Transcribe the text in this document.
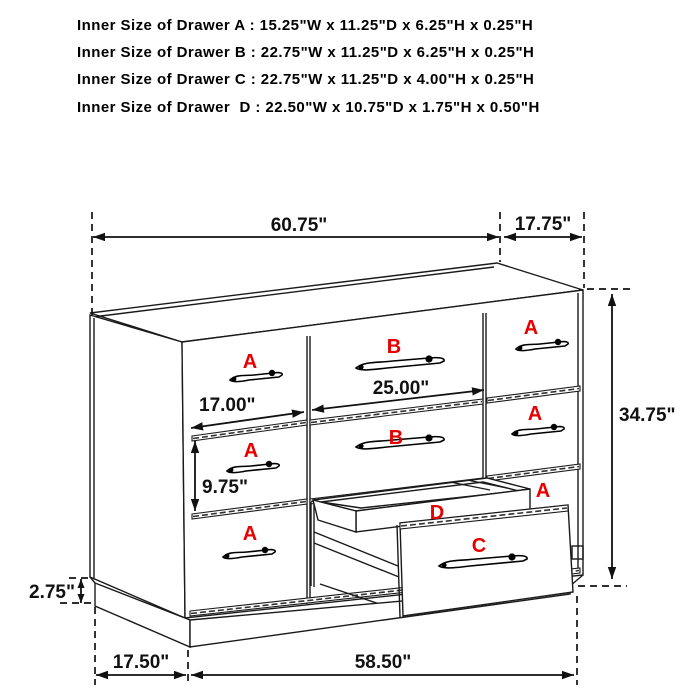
Inner Size of Drawer A : 15.25"W x 11.25"D x 6.25"H x 0.25"H
Inner Size of Drawer B : 22.75"W x 11.25"D x 6.25"H x 0.25"H
Inner Size of Drawer C : 22.75"W x 11.25"D x 4.00"H x 0.25"H
Inner Size of Drawer  D : 22.50"W x 10.75"D x 1.75"H x 0.50"H
60.75"	17.75"
34.75"
25.00"
17.00"
9.75"
2.75"
17.50"	58.50"
A
A
A
A
A
A
B
B
C
D
